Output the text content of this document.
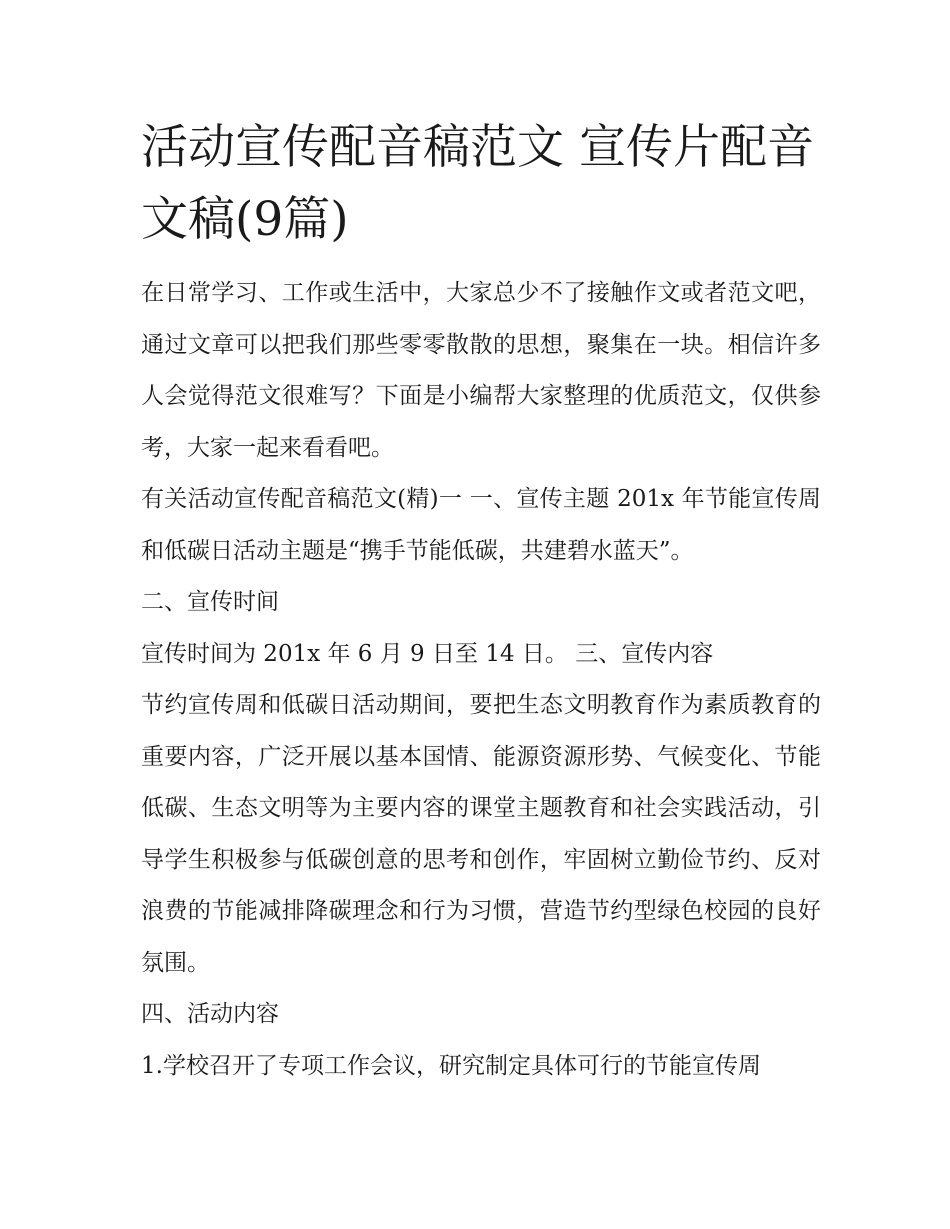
活动宣传配音稿范文 宣传片配音文稿(9篇)

在日常学习、工作或生活中，大家总少不了接触作文或者范文吧，通过文章可以把我们那些零零散散的思想，聚集在一块。相信许多人会觉得范文很难写？下面是小编帮大家整理的优质范文，仅供参考，大家一起来看看吧。

有关活动宣传配音稿范文(精)一 一、宣传主题 201x 年节能宣传周和低碳日活动主题是“携手节能低碳，共建碧水蓝天”。

二、宣传时间

宣传时间为 201x 年 6 月 9 日至 14 日。 三、宣传内容

节约宣传周和低碳日活动期间，要把生态文明教育作为素质教育的重要内容，广泛开展以基本国情、能源资源形势、气候变化、节能低碳、生态文明等为主要内容的课堂主题教育和社会实践活动，引导学生积极参与低碳创意的思考和创作，牢固树立勤俭节约、反对浪费的节能减排降碳理念和行为习惯，营造节约型绿色校园的良好氛围。

四、活动内容

1.学校召开了专项工作会议，研究制定具体可行的节能宣传周
